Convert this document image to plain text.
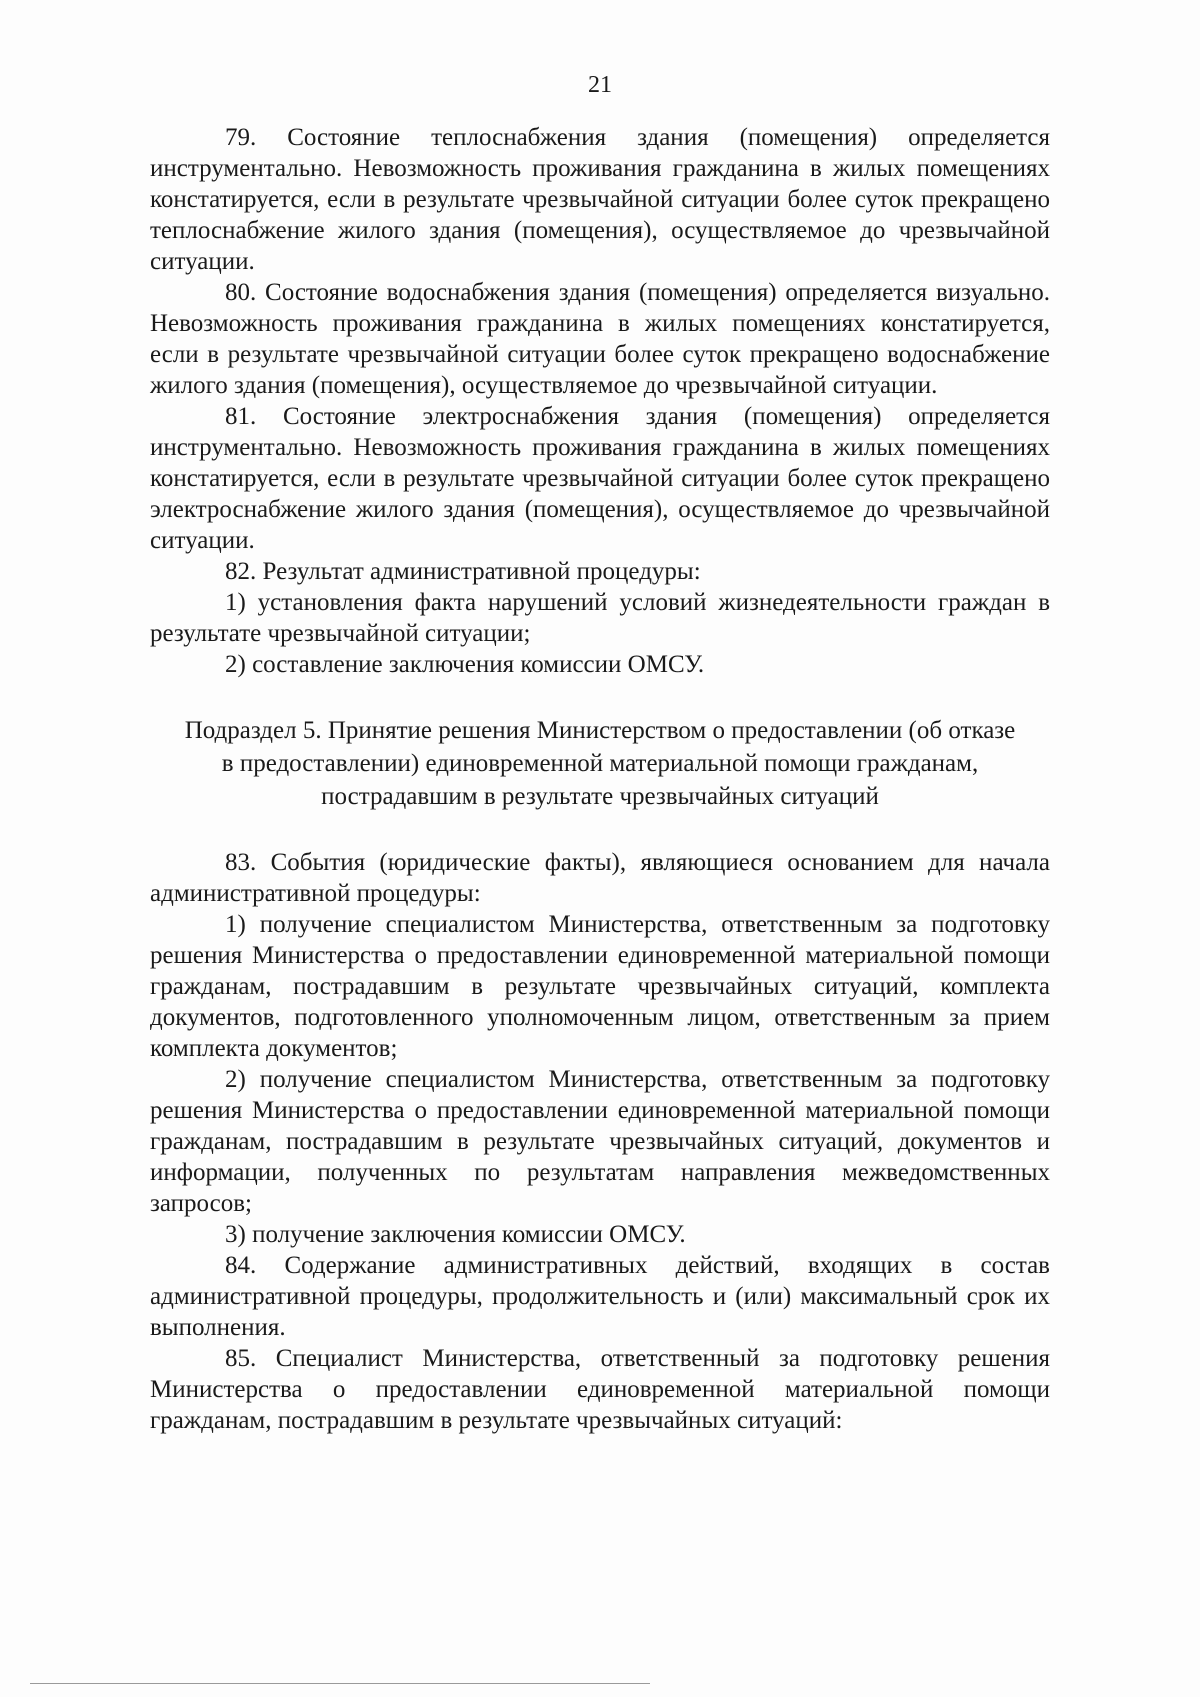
21

79. Состояние теплоснабжения здания (помещения) определяется инструментально. Невозможность проживания гражданина в жилых помещениях констатируется, если в результате чрезвычайной ситуации более суток прекращено теплоснабжение жилого здания (помещения), осуществляемое до чрезвычайной ситуации.

80. Состояние водоснабжения здания (помещения) определяется визуально. Невозможность проживания гражданина в жилых помещениях констатируется, если в результате чрезвычайной ситуации более суток прекращено водоснабжение жилого здания (помещения), осуществляемое до чрезвычайной ситуации.

81. Состояние электроснабжения здания (помещения) определяется инструментально. Невозможность проживания гражданина в жилых помещениях констатируется, если в результате чрезвычайной ситуации более суток прекращено электроснабжение жилого здания (помещения), осуществляемое до чрезвычайной ситуации.

82. Результат административной процедуры:

1) установления факта нарушений условий жизнедеятельности граждан в результате чрезвычайной ситуации;

2) составление заключения комиссии ОМСУ.

Подраздел 5. Принятие решения Министерством о предоставлении (об отказе
в предоставлении) единовременной материальной помощи гражданам,
пострадавшим в результате чрезвычайных ситуаций

83. События (юридические факты), являющиеся основанием для начала административной процедуры:

1) получение специалистом Министерства, ответственным за подготовку решения Министерства о предоставлении единовременной материальной помощи гражданам, пострадавшим в результате чрезвычайных ситуаций, комплекта документов, подготовленного уполномоченным лицом, ответственным за прием комплекта документов;

2) получение специалистом Министерства, ответственным за подготовку решения Министерства о предоставлении единовременной материальной помощи гражданам, пострадавшим в результате чрезвычайных ситуаций, документов и информации, полученных по результатам направления межведомственных запросов;

3) получение заключения комиссии ОМСУ.

84. Содержание административных действий, входящих в состав административной процедуры, продолжительность и (или) максимальный срок их выполнения.

85. Специалист Министерства, ответственный за подготовку решения Министерства о предоставлении единовременной материальной помощи гражданам, пострадавшим в результате чрезвычайных ситуаций:
